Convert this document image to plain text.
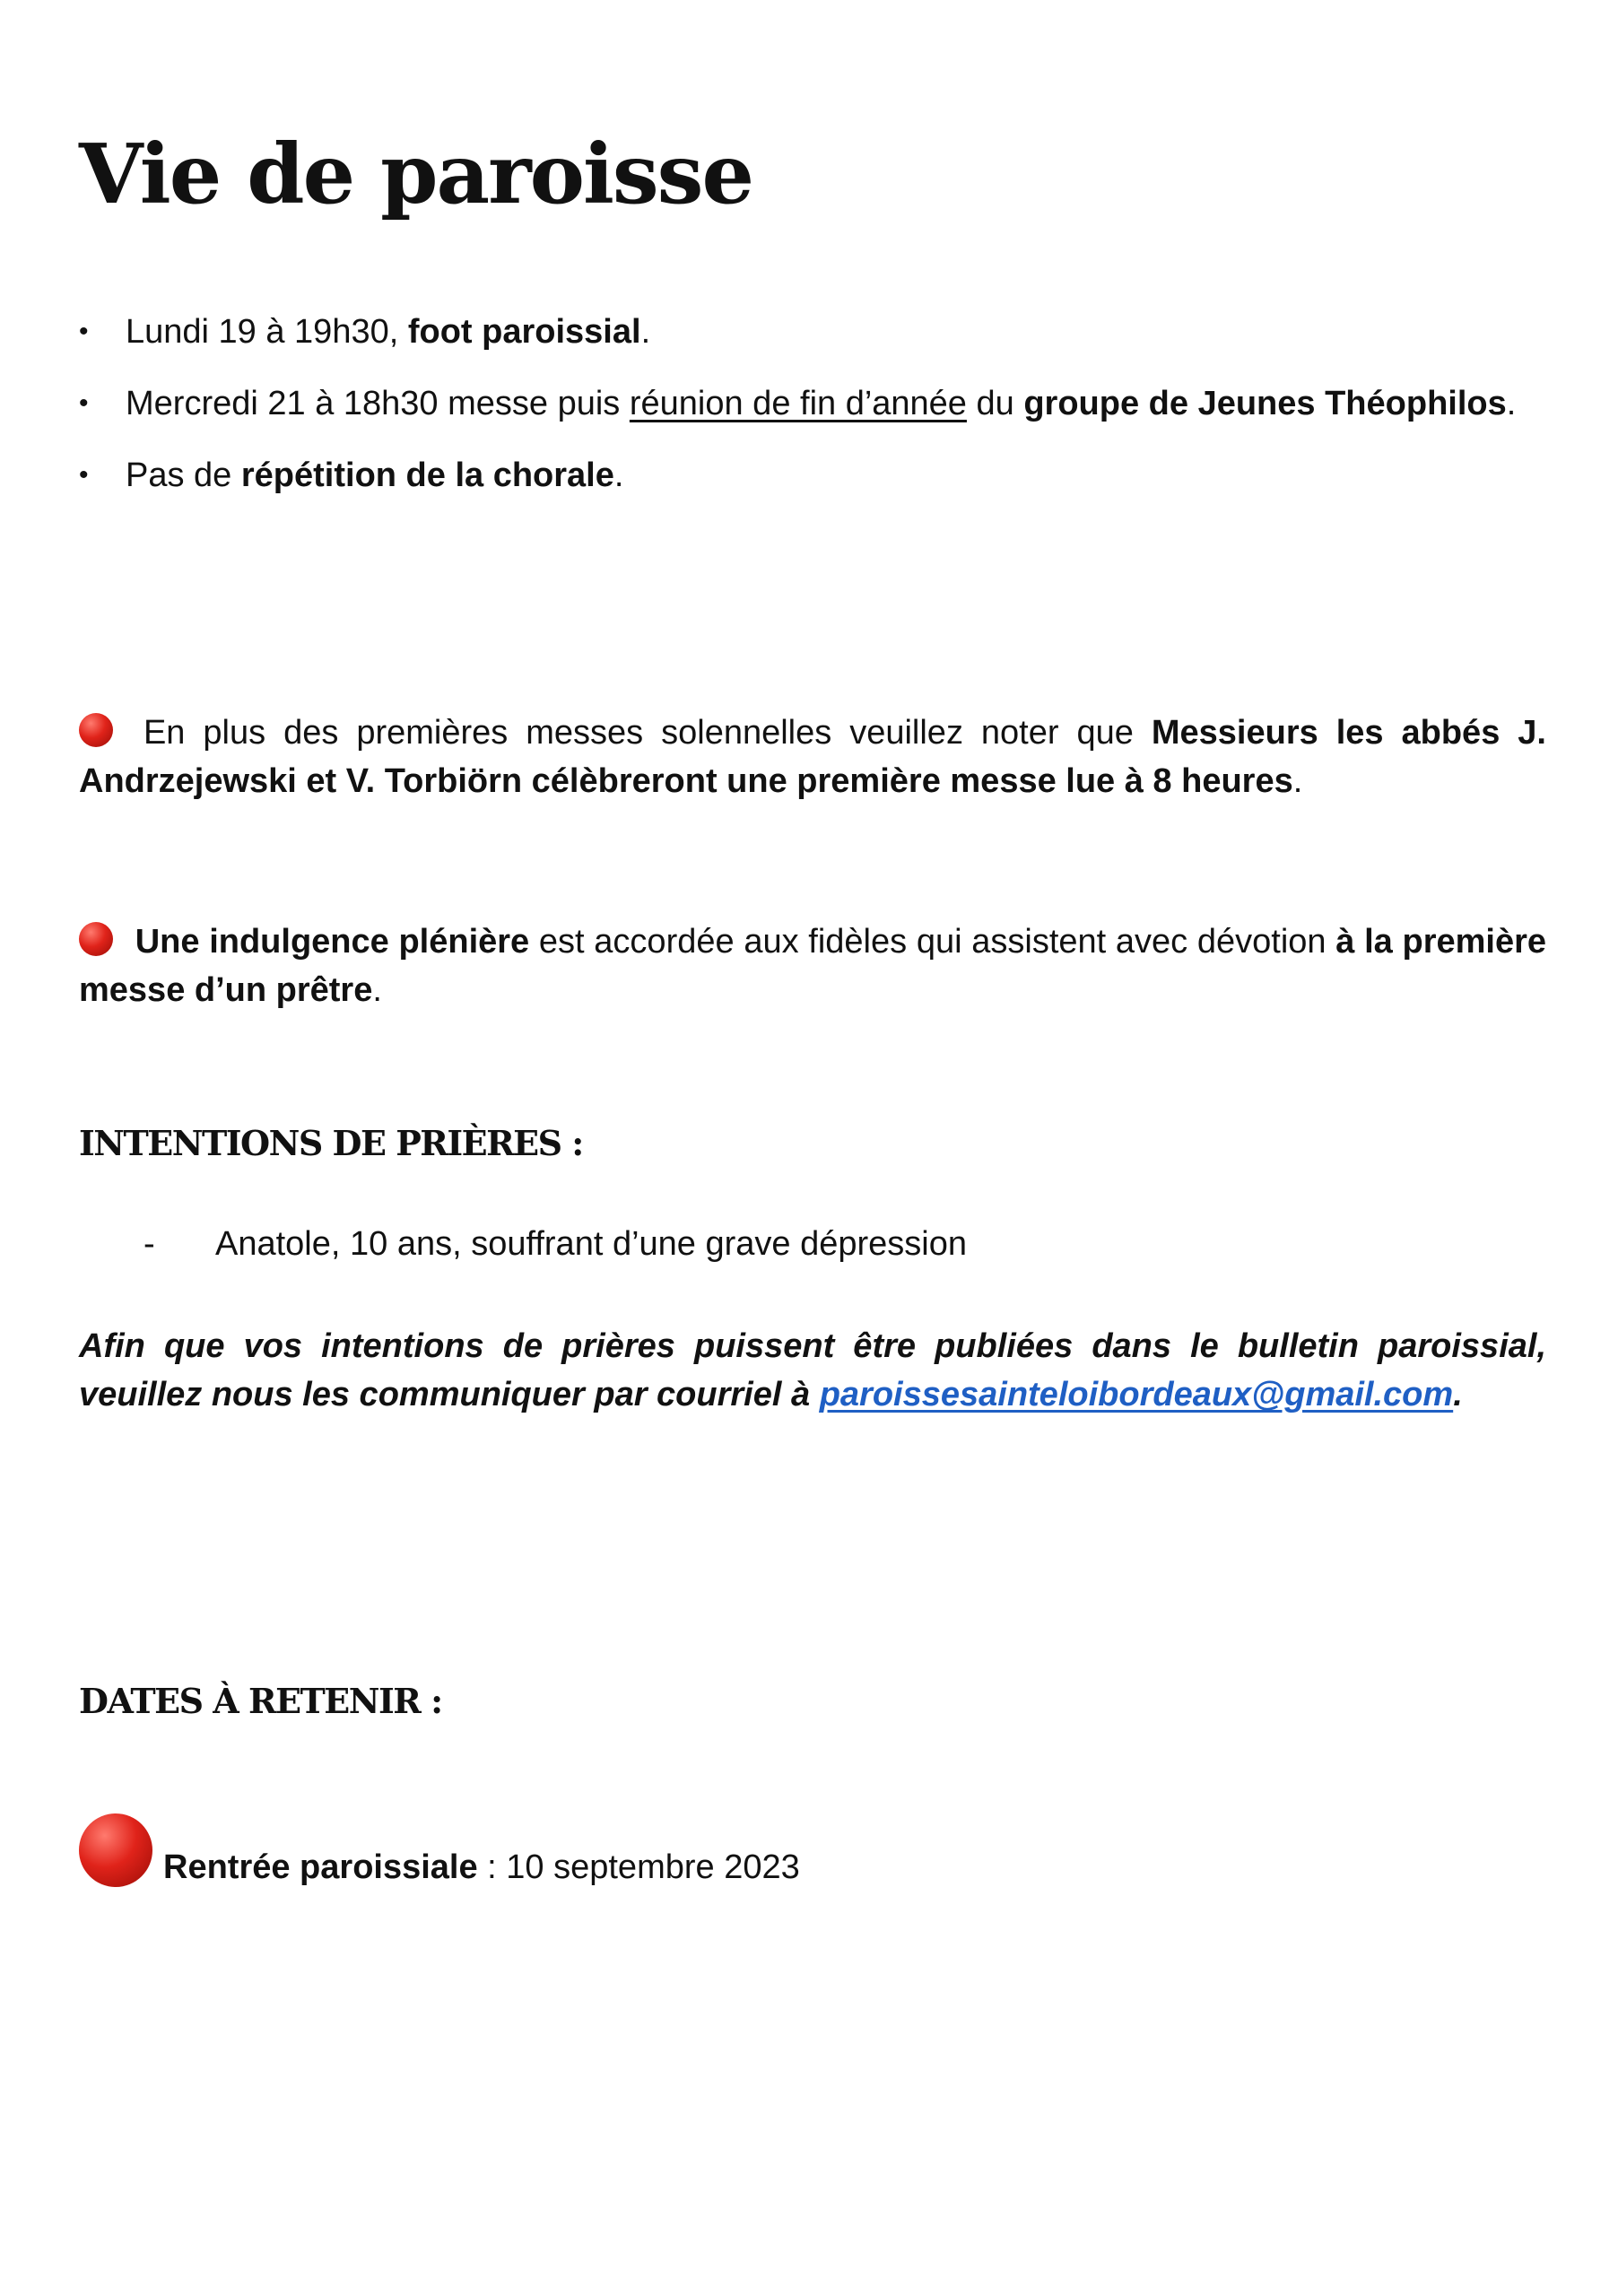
Vie de paroisse
• Lundi 19 à 19h30, foot paroissial.
• Mercredi 21 à 18h30 messe puis réunion de fin d’année du groupe de Jeunes Théophilos.
• Pas de répétition de la chorale.

En plus des premières messes solennelles veuillez noter que Messieurs les abbés J. Andrzejewski et V. Torbiörn célèbreront une première messe lue à 8 heures.

Une indulgence plénière est accordée aux fidèles qui assistent avec dévotion à la première messe d’un prêtre.

INTENTIONS DE PRIÈRES :
- Anatole, 10 ans, souffrant d’une grave dépression

Afin que vos intentions de prières puissent être publiées dans le bulletin paroissial, veuillez nous les communiquer par courriel à paroissesainteloibordeaux@gmail.com.

DATES À RETENIR :
Rentrée paroissiale : 10 septembre 2023
